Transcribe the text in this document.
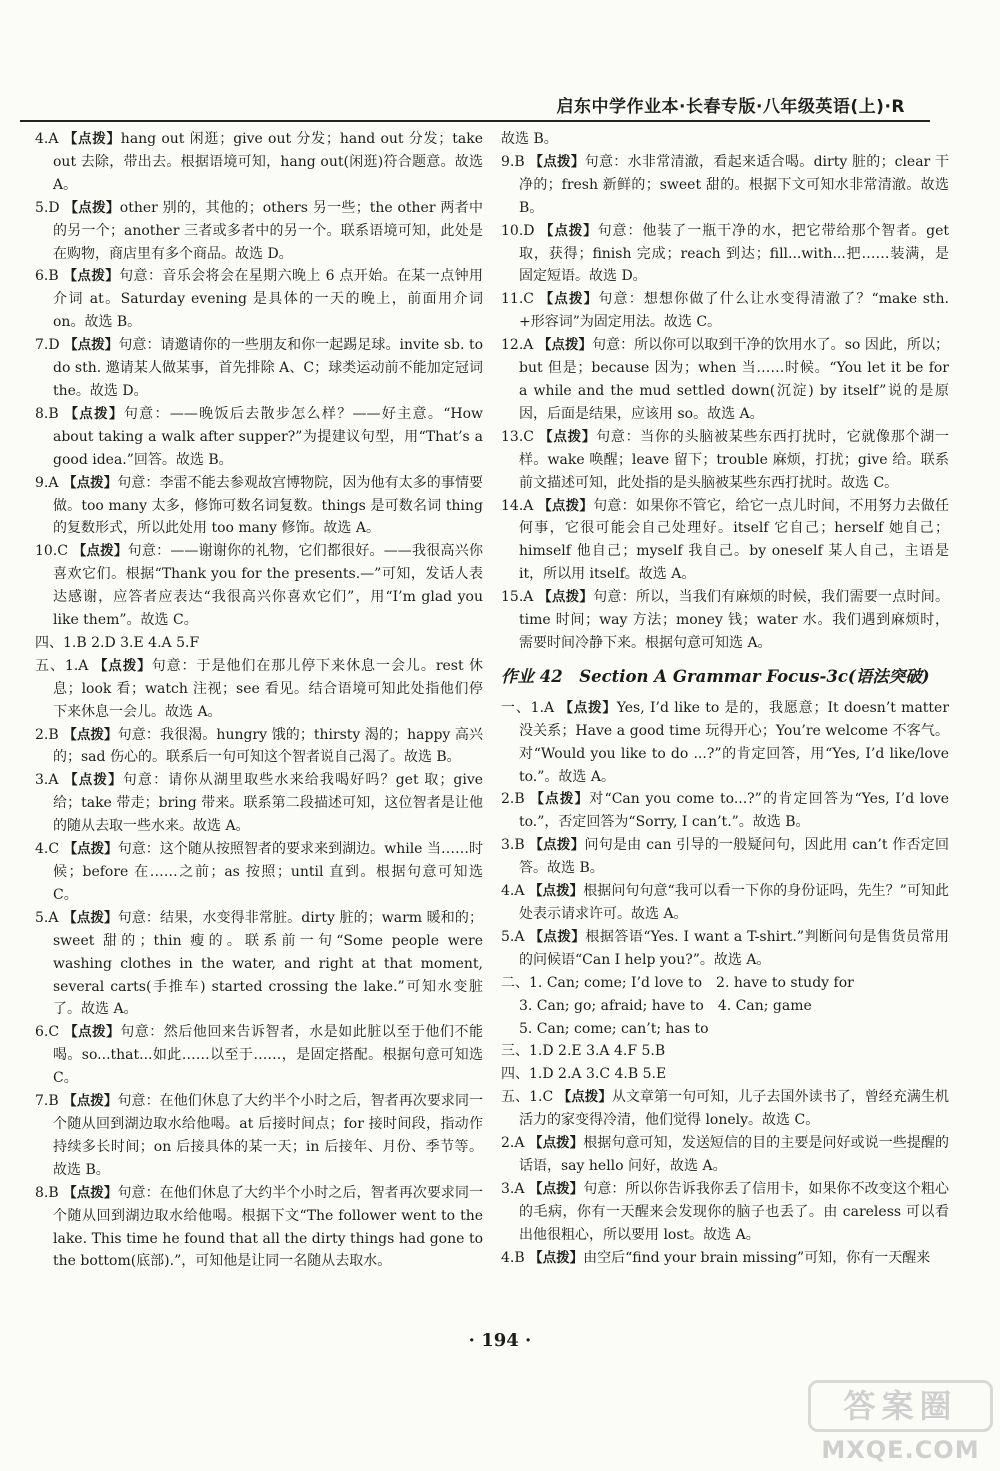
启东中学作业本·长春专版·八年级英语(上)·R

4.A 【点拨】hang out 闲逛；give out 分发；hand out 分发；take out 去除，带出去。根据语境可知，hang out(闲逛)符合题意。故选 A。

5.D 【点拨】other 别的，其他的；others 另一些；the other 两者中的另一个；another 三者或多者中的另一个。联系语境可知，此处是在购物，商店里有多个商品。故选 D。

6.B 【点拨】句意：音乐会将会在星期六晚上 6 点开始。在某一点钟用介词 at。Saturday evening 是具体的一天的晚上，前面用介词 on。故选 B。

7.D 【点拨】句意：请邀请你的一些朋友和你一起踢足球。invite sb. to do sth. 邀请某人做某事，首先排除 A、C；球类运动前不能加定冠词 the。故选 D。

8.B 【点拨】句意：——晚饭后去散步怎么样？——好主意。“How about taking a walk after supper?”为提建议句型，用“That’s a good idea.”回答。故选 B。

9.A 【点拨】句意：李雷不能去参观故宫博物院，因为他有太多的事情要做。too many 太多，修饰可数名词复数。things 是可数名词 thing 的复数形式，所以此处用 too many 修饰。故选 A。

10.C 【点拨】句意：——谢谢你的礼物，它们都很好。——我很高兴你喜欢它们。根据“Thank you for the presents.—”可知，发话人表达感谢，应答者应表达“我很高兴你喜欢它们”，用“I’m glad you like them”。故选 C。

四、1.B 2.D 3.E 4.A 5.F

五、1.A 【点拨】句意：于是他们在那儿停下来休息一会儿。rest 休息；look 看；watch 注视；see 看见。结合语境可知此处指他们停下来休息一会儿。故选 A。

2.B 【点拨】句意：我很渴。hungry 饿的；thirsty 渴的；happy 高兴的；sad 伤心的。联系后一句可知这个智者说自己渴了。故选 B。

3.A 【点拨】句意：请你从湖里取些水来给我喝好吗？get 取；give 给；take 带走；bring 带来。联系第二段描述可知，这位智者是让他的随从去取一些水来。故选 A。

4.C 【点拨】句意：这个随从按照智者的要求来到湖边。while 当……时候；before 在……之前；as 按照；until 直到。根据句意可知选 C。

5.A 【点拨】句意：结果，水变得非常脏。dirty 脏的；warm 暖和的；sweet 甜的；thin 瘦的。联系前一句“Some people were washing clothes in the water, and right at that moment, several carts(手推车) started crossing the lake.”可知水变脏了。故选 A。

6.C 【点拨】句意：然后他回来告诉智者，水是如此脏以至于他们不能喝。so...that...如此……以至于……，是固定搭配。根据句意可知选 C。

7.B 【点拨】句意：在他们休息了大约半个小时之后，智者再次要求同一个随从回到湖边取水给他喝。at 后接时间点；for 接时间段，指动作持续多长时间；on 后接具体的某一天；in 后接年、月份、季节等。故选 B。

8.B 【点拨】句意：在他们休息了大约半个小时之后，智者再次要求同一个随从回到湖边取水给他喝。根据下文“The follower went to the lake. This time he found that all the dirty things had gone to the bottom(底部).”，可知他是让同一名随从去取水。

故选 B。

9.B 【点拨】句意：水非常清澈，看起来适合喝。dirty 脏的；clear 干净的；fresh 新鲜的；sweet 甜的。根据下文可知水非常清澈。故选 B。

10.D 【点拨】句意：他装了一瓶干净的水，把它带给那个智者。get 取，获得；finish 完成；reach 到达；fill...with...把……装满，是固定短语。故选 D。

11.C 【点拨】句意：想想你做了什么让水变得清澈了？“make sth. +形容词”为固定用法。故选 C。

12.A 【点拨】句意：所以你可以取到干净的饮用水了。so 因此，所以；but 但是；because 因为；when 当……时候。“You let it be for a while and the mud settled down(沉淀) by itself”说的是原因，后面是结果，应该用 so。故选 A。

13.C 【点拨】句意：当你的头脑被某些东西打扰时，它就像那个湖一样。wake 唤醒；leave 留下；trouble 麻烦，打扰；give 给。联系前文描述可知，此处指的是头脑被某些东西打扰时。故选 C。

14.A 【点拨】句意：如果你不管它，给它一点儿时间，不用努力去做任何事，它很可能会自己处理好。itself 它自己；herself 她自己；himself 他自己；myself 我自己。by oneself 某人自己，主语是 it，所以用 itself。故选 A。

15.A 【点拨】句意：所以，当我们有麻烦的时候，我们需要一点时间。time 时间；way 方法；money 钱；water 水。我们遇到麻烦时，需要时间冷静下来。根据句意可知选 A。

作业 42　Section A Grammar Focus-3c(语法突破)

一、1.A 【点拨】Yes, I’d like to 是的，我愿意；It doesn’t matter 没关系；Have a good time 玩得开心；You’re welcome 不客气。对“Would you like to do ...?”的肯定回答，用“Yes, I’d like/love to.”。故选 A。

2.B 【点拨】对“Can you come to...?”的肯定回答为“Yes, I’d love to.”，否定回答为“Sorry, I can’t.”。故选 B。

3.B 【点拨】问句是由 can 引导的一般疑问句，因此用 can’t 作否定回答。故选 B。

4.A 【点拨】根据问句句意“我可以看一下你的身份证吗，先生？”可知此处表示请求许可。故选 A。

5.A 【点拨】根据答语“Yes. I want a T-shirt.”判断问句是售货员常用的问候语“Can I help you?”。故选 A。

二、1. Can; come; I’d love to　2. have to study for

3. Can; go; afraid; have to　4. Can; game

5. Can; come; can’t; has to

三、1.D 2.E 3.A 4.F 5.B

四、1.D 2.A 3.C 4.B 5.E

五、1.C 【点拨】从文章第一句可知，儿子去国外读书了，曾经充满生机活力的家变得冷清，他们觉得 lonely。故选 C。

2.A 【点拨】根据句意可知，发送短信的目的主要是问好或说一些提醒的话语，say hello 问好，故选 A。

3.A 【点拨】句意：所以你告诉我你丢了信用卡，如果你不改变这个粗心的毛病，你有一天醒来会发现你的脑子也丢了。由 careless 可以看出他很粗心，所以要用 lost。故选 A。

4.B 【点拨】由空后“find your brain missing”可知，你有一天醒来

· 194 ·
答案圈
MXQE.COM
